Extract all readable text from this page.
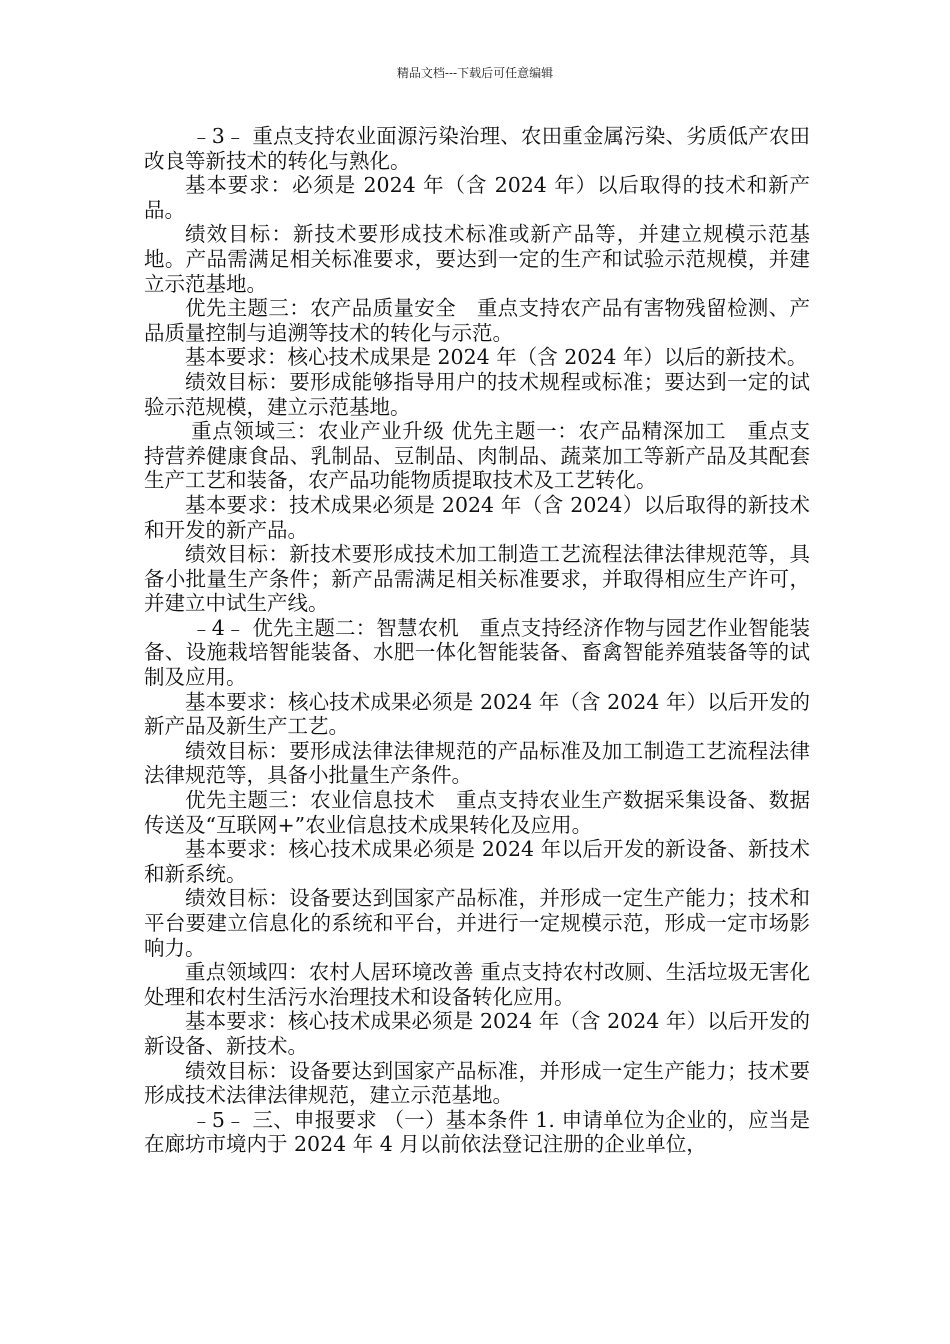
精品文档---下载后可任意编辑

﹣3﹣ 重点支持农业面源污染治理、农田重金属污染、劣质低产农田改良等新技术的转化与熟化。

基本要求：必须是 2024 年（含 2024 年）以后取得的技术和新产品。

绩效目标：新技术要形成技术标准或新产品等，并建立规模示范基地。产品需满足相关标准要求，要达到一定的生产和试验示范规模，并建立示范基地。

优先主题三：农产品质量安全　重点支持农产品有害物残留检测、产品质量控制与追溯等技术的转化与示范。

基本要求：核心技术成果是 2024 年（含 2024 年）以后的新技术。

绩效目标：要形成能够指导用户的技术规程或标准；要达到一定的试验示范规模，建立示范基地。

重点领域三：农业产业升级 优先主题一：农产品精深加工　重点支持营养健康食品、乳制品、豆制品、肉制品、蔬菜加工等新产品及其配套生产工艺和装备，农产品功能物质提取技术及工艺转化。

基本要求：技术成果必须是 2024 年（含 2024）以后取得的新技术和开发的新产品。

绩效目标：新技术要形成技术加工制造工艺流程法律法律规范等，具备小批量生产条件；新产品需满足相关标准要求，并取得相应生产许可，并建立中试生产线。

﹣4﹣ 优先主题二：智慧农机　重点支持经济作物与园艺作业智能装备、设施栽培智能装备、水肥一体化智能装备、畜禽智能养殖装备等的试制及应用。

基本要求：核心技术成果必须是 2024 年（含 2024 年）以后开发的新产品及新生产工艺。

绩效目标：要形成法律法律规范的产品标准及加工制造工艺流程法律法律规范等，具备小批量生产条件。

优先主题三：农业信息技术　重点支持农业生产数据采集设备、数据传送及“互联网+”农业信息技术成果转化及应用。

基本要求：核心技术成果必须是 2024 年以后开发的新设备、新技术和新系统。

绩效目标：设备要达到国家产品标准，并形成一定生产能力；技术和平台要建立信息化的系统和平台，并进行一定规模示范，形成一定市场影响力。

重点领域四：农村人居环境改善 重点支持农村改厕、生活垃圾无害化处理和农村生活污水治理技术和设备转化应用。

基本要求：核心技术成果必须是 2024 年（含 2024 年）以后开发的新设备、新技术。

绩效目标：设备要达到国家产品标准，并形成一定生产能力；技术要形成技术法律法律规范，建立示范基地。

﹣5﹣ 三、申报要求 （一）基本条件 1. 申请单位为企业的，应当是在廊坊市境内于 2024 年 4 月以前依法登记注册的企业单位，
